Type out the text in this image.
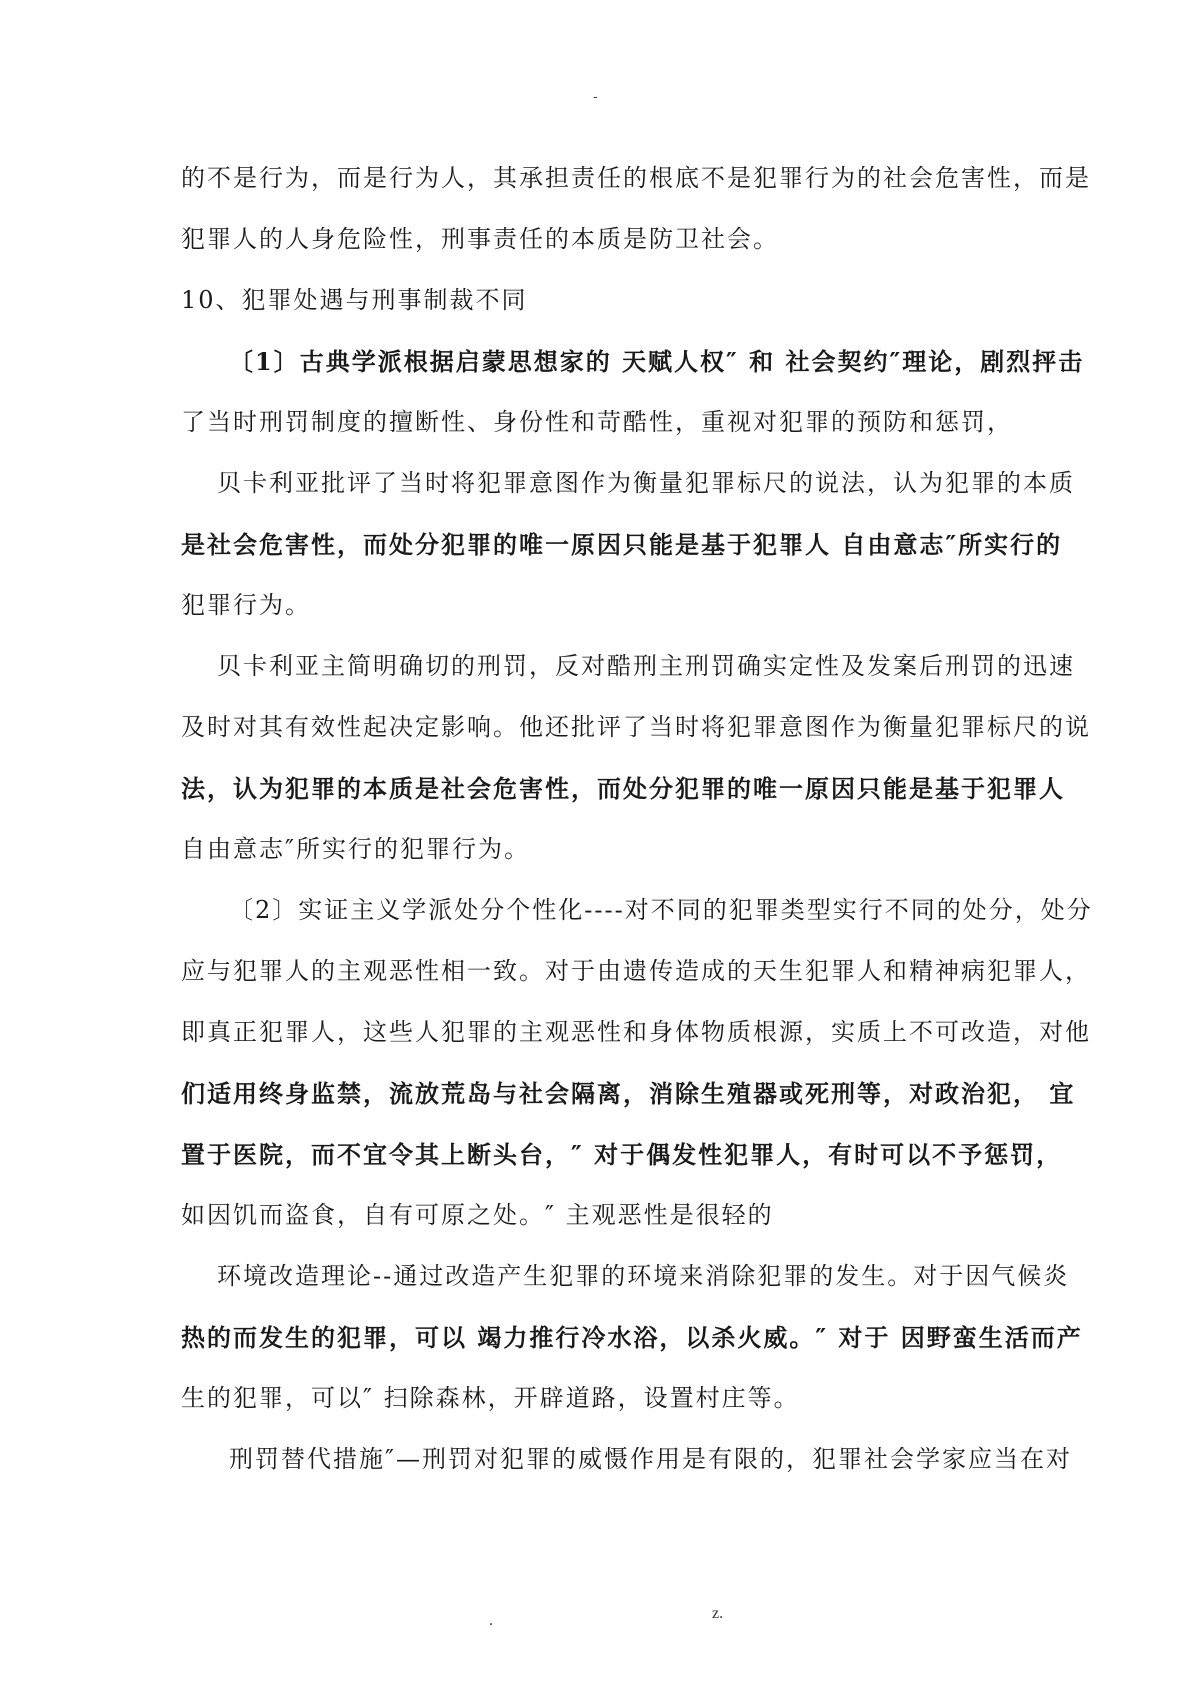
-

的不是行为，而是行为人，其承担责任的根底不是犯罪行为的社会危害性，而是

犯罪人的人身危险性，刑事责任的本质是防卫社会。

10、犯罪处遇与刑事制裁不同

〔1〕古典学派根据启蒙思想家的 天赋人权″ 和 社会契约″理论，剧烈抨击

了当时刑罚制度的擅断性、身份性和苛酷性，重视对犯罪的预防和惩罚，

贝卡利亚批评了当时将犯罪意图作为衡量犯罪标尺的说法，认为犯罪的本质

是社会危害性，而处分犯罪的唯一原因只能是基于犯罪人 自由意志″所实行的

犯罪行为。

贝卡利亚主简明确切的刑罚，反对酷刑主刑罚确实定性及发案后刑罚的迅速

及时对其有效性起决定影响。他还批评了当时将犯罪意图作为衡量犯罪标尺的说

法，认为犯罪的本质是社会危害性，而处分犯罪的唯一原因只能是基于犯罪人

自由意志″所实行的犯罪行为。

〔2〕实证主义学派处分个性化----对不同的犯罪类型实行不同的处分，处分

应与犯罪人的主观恶性相一致。对于由遗传造成的天生犯罪人和精神病犯罪人，

即真正犯罪人，这些人犯罪的主观恶性和身体物质根源，实质上不可改造，对他

们适用终身监禁，流放荒岛与社会隔离，消除生殖器或死刑等，对政治犯， 宜

置于医院，而不宜令其上断头台，″ 对于偶发性犯罪人，有时可以不予惩罚，

如因饥而盗食，自有可原之处。″ 主观恶性是很轻的

环境改造理论--通过改造产生犯罪的环境来消除犯罪的发生。对于因气候炎

热的而发生的犯罪，可以 竭力推行冷水浴，以杀火威。″ 对于 因野蛮生活而产

生的犯罪，可以″ 扫除森林，开辟道路，设置村庄等。

刑罚替代措施″—刑罚对犯罪的威慑作用是有限的，犯罪社会学家应当在对

.	z.
